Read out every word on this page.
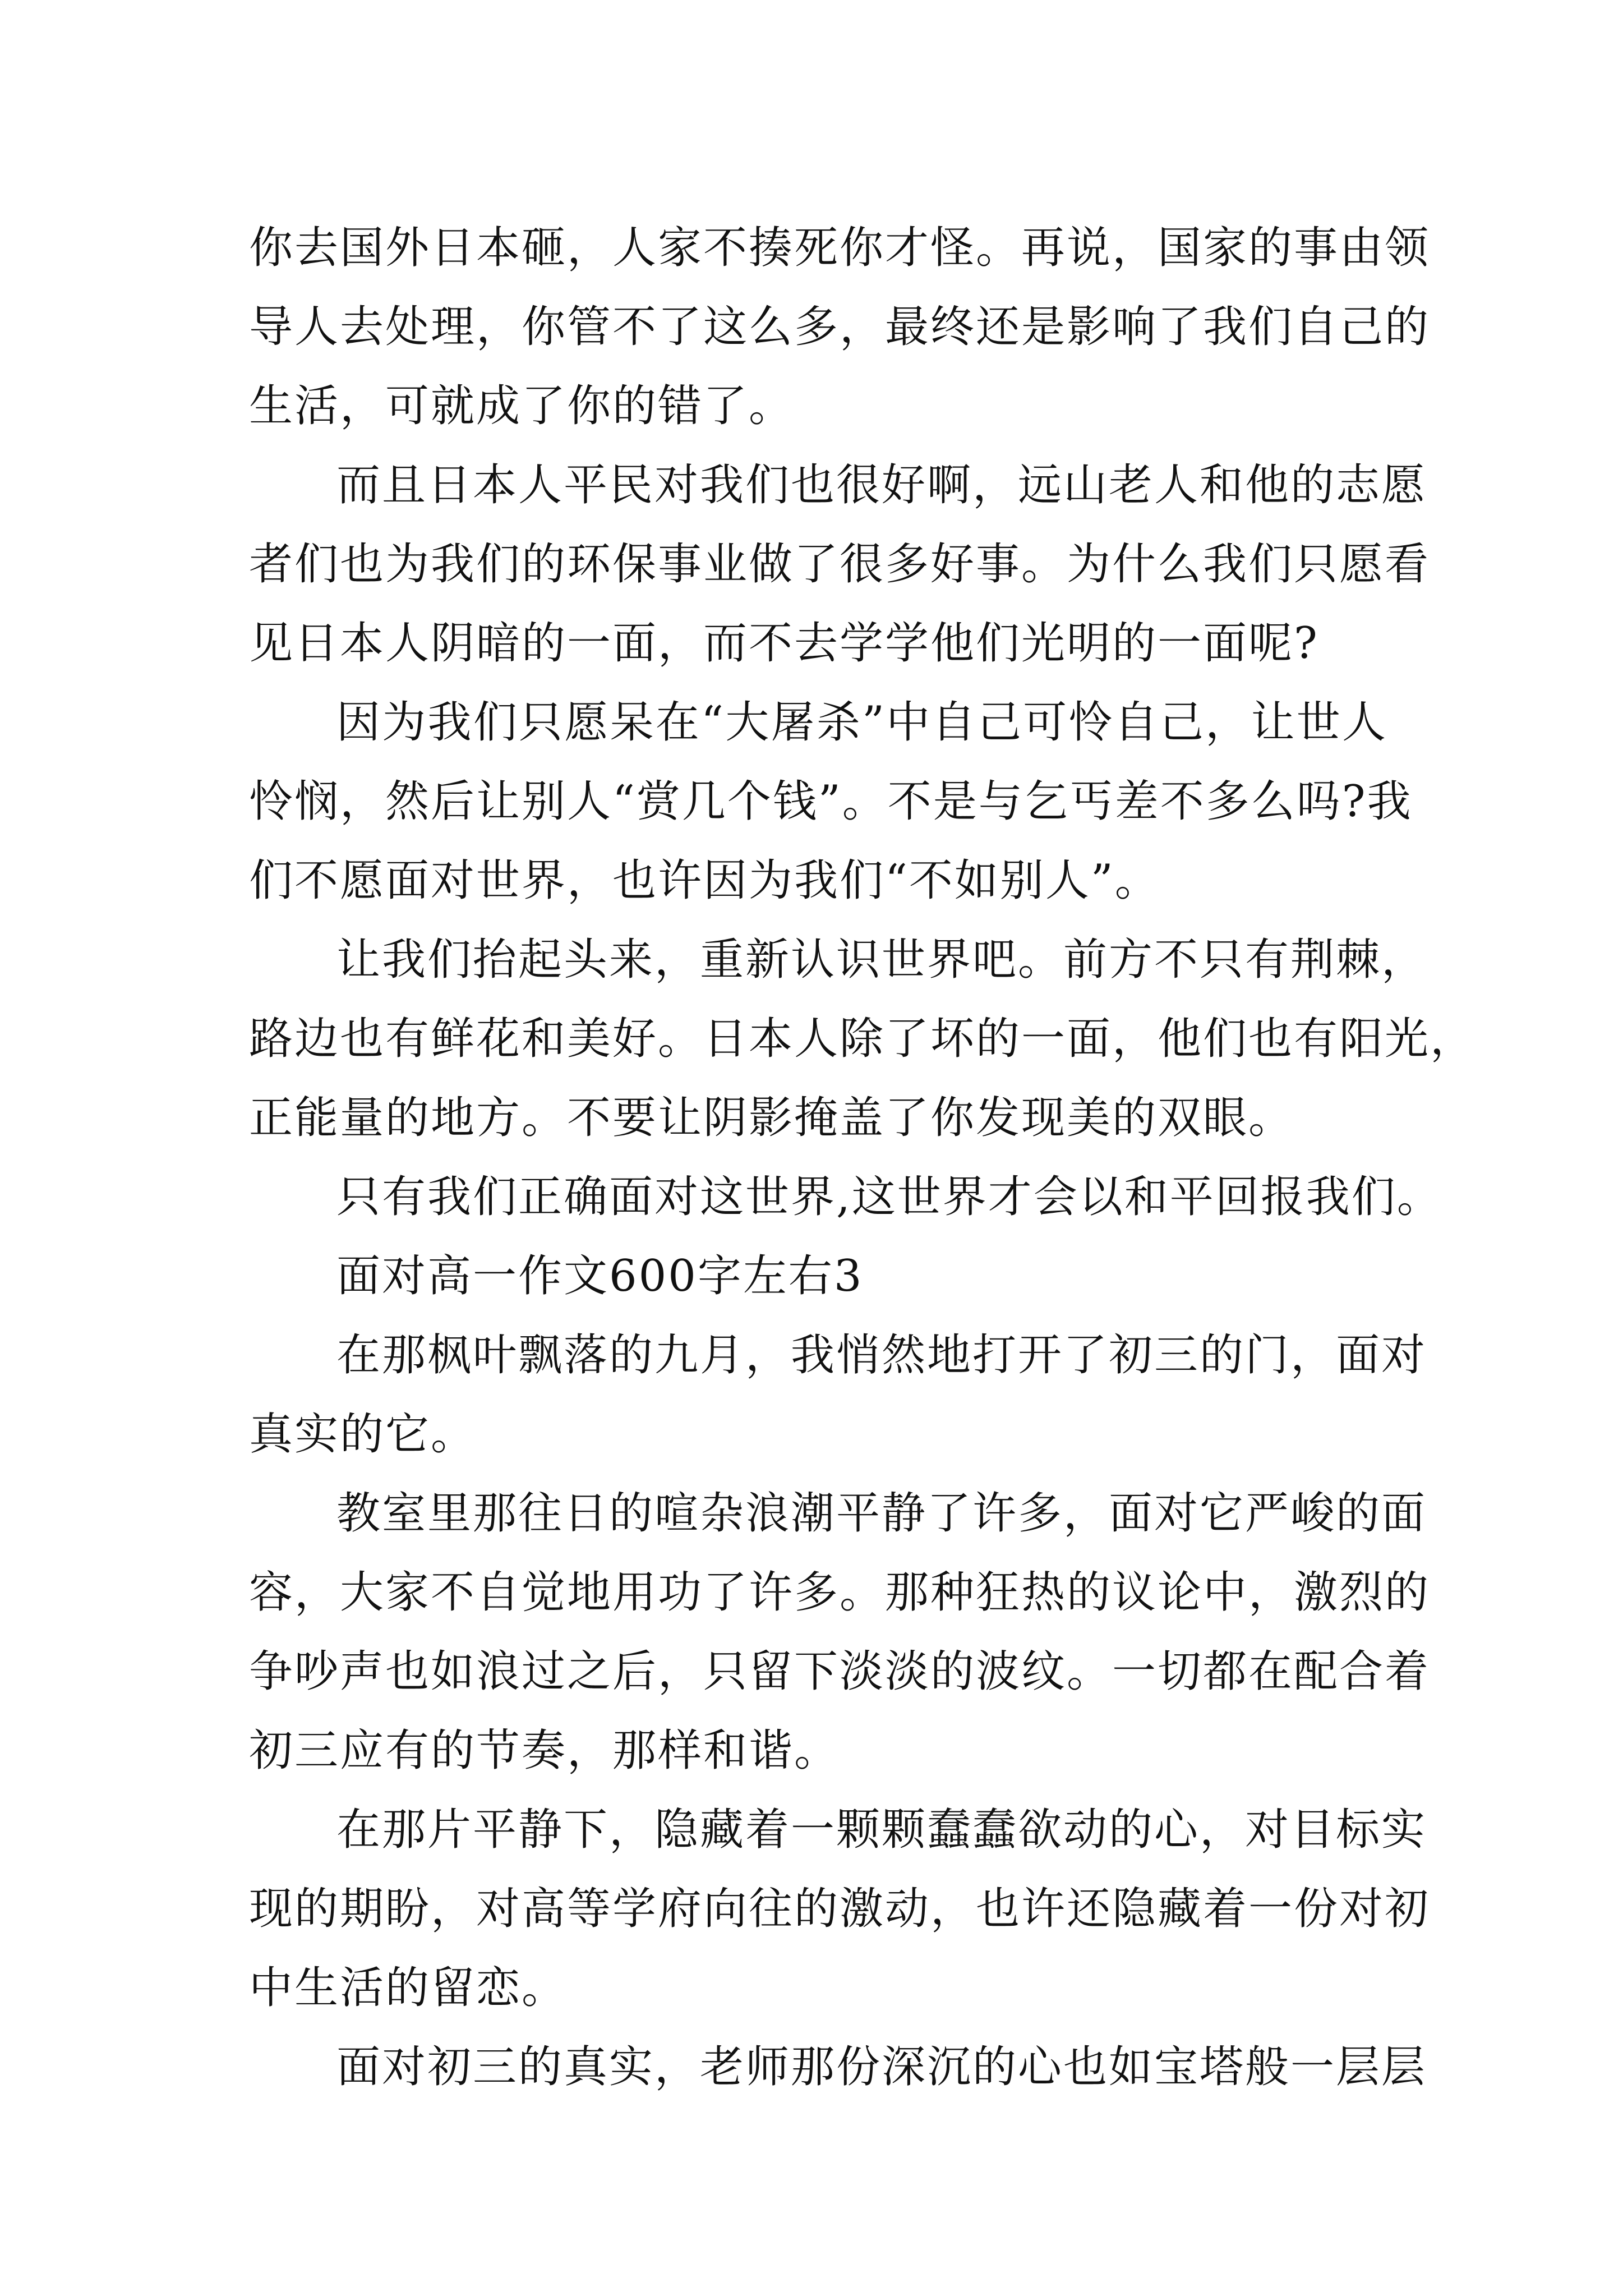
你去国外日本砸，人家不揍死你才怪。再说，国家的事由领
导人去处理，你管不了这么多，最终还是影响了我们自己的
生活，可就成了你的错了。
而且日本人平民对我们也很好啊，远山老人和他的志愿
者们也为我们的环保事业做了很多好事。为什么我们只愿看
见日本人阴暗的一面，而不去学学他们光明的一面呢?
因为我们只愿呆在“大屠杀”中自己可怜自己，让世人
怜悯，然后让别人“赏几个钱”。不是与乞丐差不多么吗?我
们不愿面对世界，也许因为我们“不如别人”。
让我们抬起头来，重新认识世界吧。前方不只有荆棘，
路边也有鲜花和美好。日本人除了坏的一面，他们也有阳光，
正能量的地方。不要让阴影掩盖了你发现美的双眼。
只有我们正确面对这世界,这世界才会以和平回报我们。
面对高一作文600字左右3
在那枫叶飘落的九月，我悄然地打开了初三的门，面对
真实的它。
教室里那往日的喧杂浪潮平静了许多，面对它严峻的面
容，大家不自觉地用功了许多。那种狂热的议论中，激烈的
争吵声也如浪过之后，只留下淡淡的波纹。一切都在配合着
初三应有的节奏，那样和谐。
在那片平静下，隐藏着一颗颗蠢蠢欲动的心，对目标实
现的期盼，对高等学府向往的激动，也许还隐藏着一份对初
中生活的留恋。
面对初三的真实，老师那份深沉的心也如宝塔般一层层
